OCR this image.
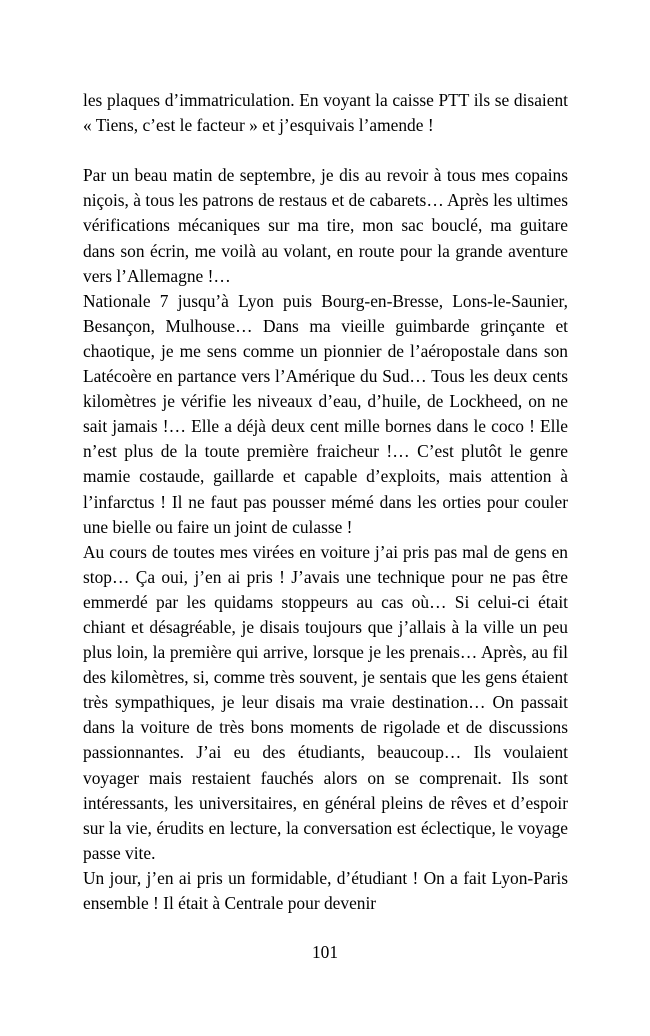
les plaques d’immatriculation. En voyant la caisse PTT ils se disaient « Tiens, c’est le facteur » et j’esquivais l’amende !

Par un beau matin de septembre, je dis au revoir à tous mes copains niçois, à tous les patrons de restaus et de cabarets… Après les ultimes vérifications mécaniques sur ma tire, mon sac bouclé, ma guitare dans son écrin, me voilà au volant, en route pour la grande aventure vers l’Allemagne !…

Nationale 7 jusqu’à Lyon puis Bourg-en-Bresse, Lons-le-Saunier, Besançon, Mulhouse… Dans ma vieille guimbarde grinçante et chaotique, je me sens comme un pionnier de l’aéropostale dans son Latécoère en partance vers l’Amérique du Sud… Tous les deux cents kilomètres je vérifie les niveaux d’eau, d’huile, de Lockheed, on ne sait jamais !… Elle a déjà deux cent mille bornes dans le coco ! Elle n’est plus de la toute première fraicheur !… C’est plutôt le genre mamie costaude, gaillarde et capable d’exploits, mais attention à l’infarctus ! Il ne faut pas pousser mémé dans les orties pour couler une bielle ou faire un joint de culasse !

Au cours de toutes mes virées en voiture j’ai pris pas mal de gens en stop… Ça oui, j’en ai pris ! J’avais une technique pour ne pas être emmerdé par les quidams stoppeurs au cas où… Si celui-ci était chiant et désagréable, je disais toujours que j’allais à la ville un peu plus loin, la première qui arrive, lorsque je les prenais… Après, au fil des kilomètres, si, comme très souvent, je sentais que les gens étaient très sympathiques, je leur disais ma vraie destination… On passait dans la voiture de très bons moments de rigolade et de discussions passionnantes. J’ai eu des étudiants, beaucoup… Ils voulaient voyager mais restaient fauchés alors on se comprenait. Ils sont intéressants, les universitaires, en général pleins de rêves et d’espoir sur la vie, érudits en lecture, la conversation est éclectique, le voyage passe vite.

Un jour, j’en ai pris un formidable, d’étudiant ! On a fait Lyon-Paris ensemble ! Il était à Centrale pour devenir

101
